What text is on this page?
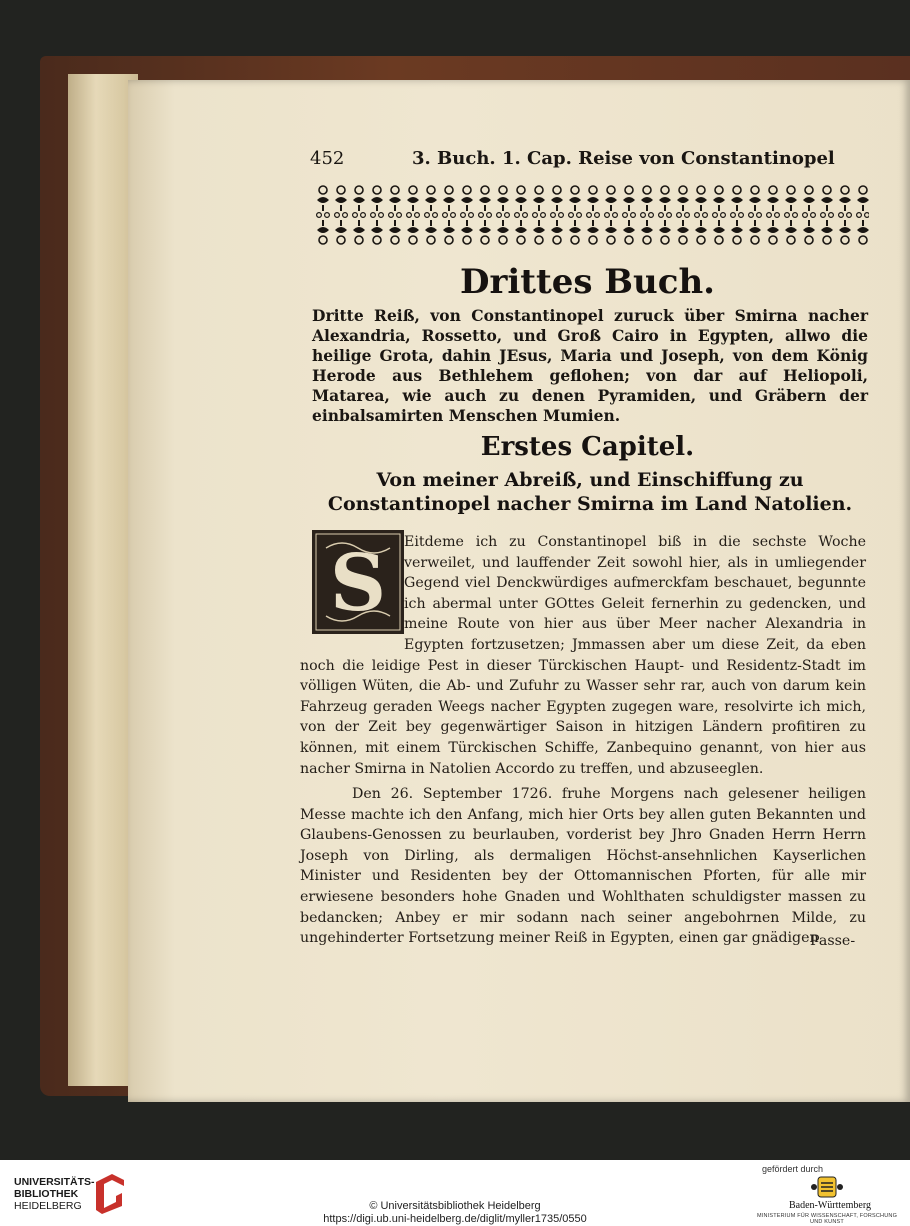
452	3. Buch. 1. Cap. Reise von Constantinopel
Drittes Buch.
Dritte Reiß, von Constantinopel zuruck über Smirna nacher Alexandria, Rossetto, und Groß Cairo in Egypten, allwo die heilige Grota, dahin JEsus, Maria und Joseph, von dem König Herode aus Bethlehem geflohen; von dar auf Heliopoli, Matarea, wie auch zu denen Pyramiden, und Gräbern der einbalsamirten Menschen Mumien.
Erstes Capitel.
Von meiner Abreiß, und Einschiffung zu Constantinopel nacher Smirna im Land Natolien.
S	Eitdeme ich zu Constantinopel biß in die sechste Woche verweilet, und lauffender Zeit sowohl hier, als in umliegender Gegend viel Denckwürdiges aufmerckfam beschauet, begunnte ich abermal unter GOttes Geleit fernerhin zu gedencken, und meine Route von hier aus über Meer nacher Alexandria in Egypten fortzusetzen; Jmmassen aber um diese Zeit, da eben noch die leidige Pest in dieser Türckischen Haupt- und Residentz-Stadt im völligen Wüten, die Ab- und Zufuhr zu Wasser sehr rar, auch von darum kein Fahrzeug geraden Weegs nacher Egypten zugegen ware, resolvirte ich mich, von der Zeit bey gegenwärtiger Saison in hitzigen Ländern profitiren zu können, mit einem Türckischen Schiffe, Zanbequino genannt, von hier aus nacher Smirna in Natolien Accordo zu treffen, und abzuseeglen.
Den 26. September 1726. fruhe Morgens nach gelesener heiligen Messe machte ich den Anfang, mich hier Orts bey allen guten Bekannten und Glaubens-Genossen zu beurlauben, vorderist bey Jhro Gnaden Herrn Herrn Joseph von Dirling, als dermaligen Höchst-ansehnlichen Kayserlichen Minister und Residenten bey der Ottomannischen Pforten, für alle mir erwiesene besonders hohe Gnaden und Wohlthaten schuldigster massen zu bedancken; Anbey er mir sodann nach seiner angebohrnen Milde, zu ungehinderter Fortsetzung meiner Reiß in Egypten, einen gar gnädigen
Passe-
UNIVERSITÄTS-
BIBLIOTHEK
HEIDELBERG	© Universitätsbibliothek Heidelberg
https://digi.ub.uni-heidelberg.de/diglit/myller1735/0550
gefördert durch
Baden-Württemberg
MINISTERIUM FÜR WISSENSCHAFT, FORSCHUNG UND KUNST
